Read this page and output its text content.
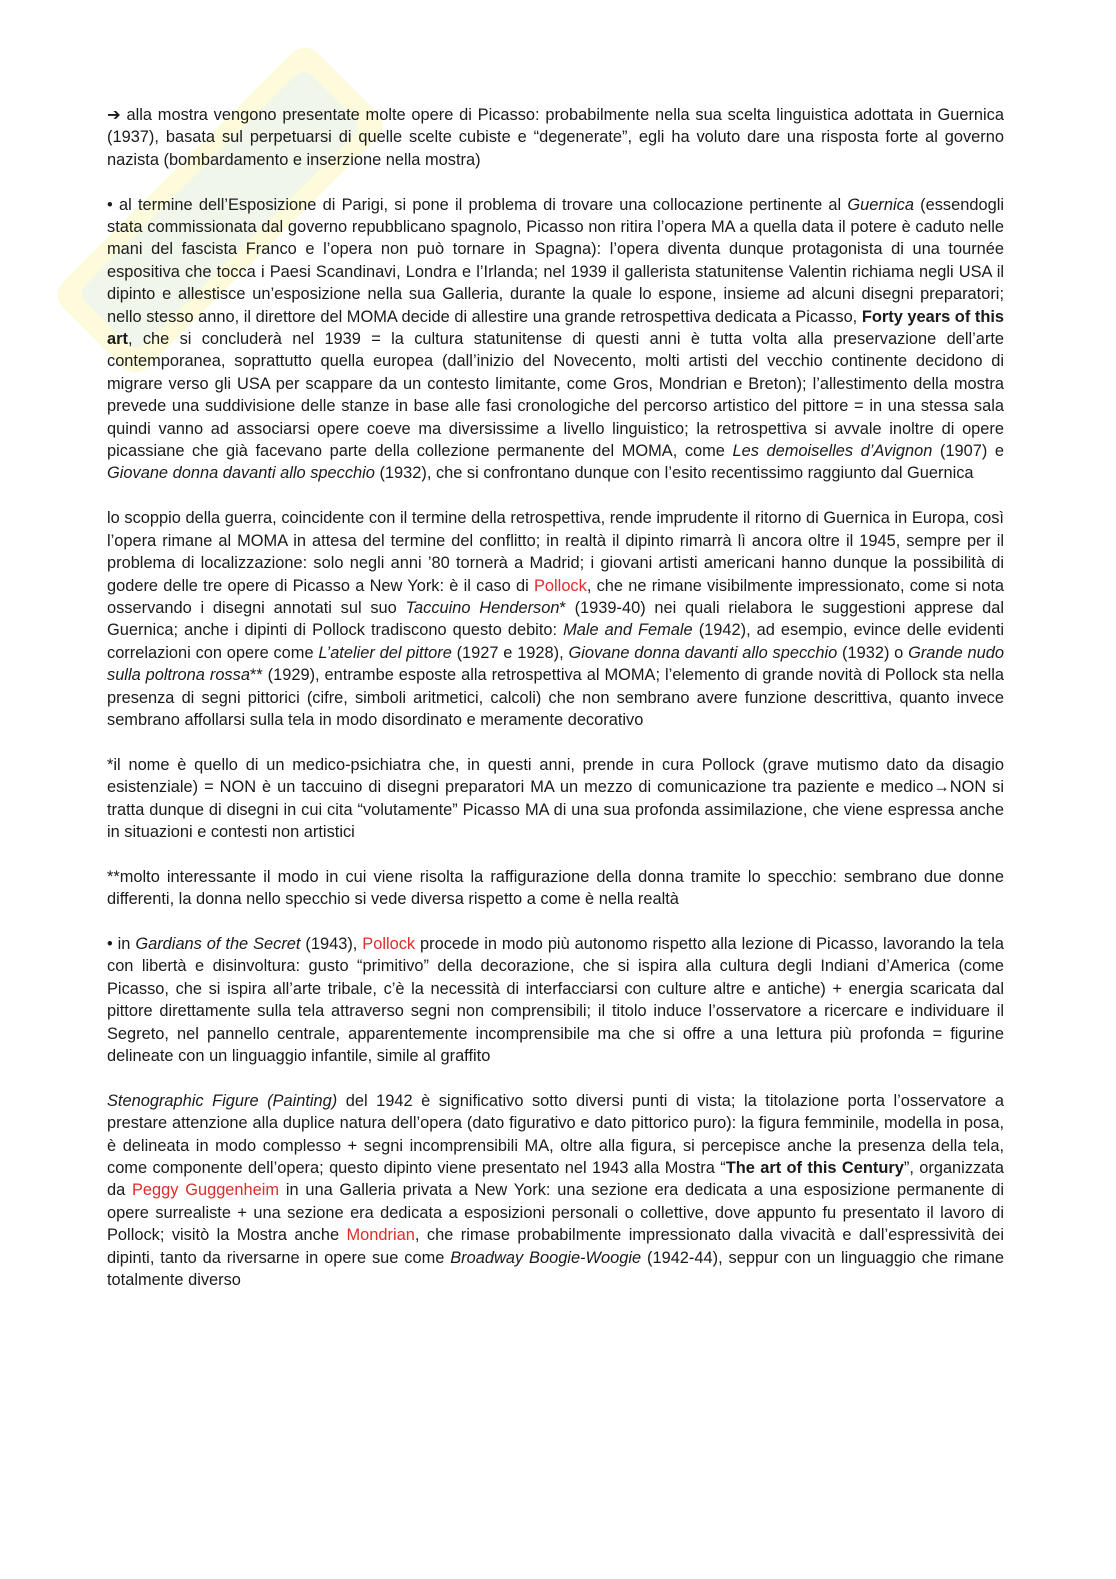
➔ alla mostra vengono presentate molte opere di Picasso: probabilmente nella sua scelta linguistica adottata in Guernica (1937), basata sul perpetuarsi di quelle scelte cubiste e “degenerate”, egli ha voluto dare una risposta forte al governo nazista (bombardamento e inserzione nella mostra)

• al termine dell’Esposizione di Parigi, si pone il problema di trovare una collocazione pertinente al Guernica (essendogli stata commissionata dal governo repubblicano spagnolo, Picasso non ritira l’opera MA a quella data il potere è caduto nelle mani del fascista Franco e l’opera non può tornare in Spagna): l’opera diventa dunque protagonista di una tournée espositiva che tocca i Paesi Scandinavi, Londra e l’Irlanda; nel 1939 il gallerista statunitense Valentin richiama negli USA il dipinto e allestisce un’esposizione nella sua Galleria, durante la quale lo espone, insieme ad alcuni disegni preparatori; nello stesso anno, il direttore del MOMA decide di allestire una grande retrospettiva dedicata a Picasso, Forty years of this art, che si concluderà nel 1939 = la cultura statunitense di questi anni è tutta volta alla preservazione dell’arte contemporanea, soprattutto quella europea (dall’inizio del Novecento, molti artisti del vecchio continente decidono di migrare verso gli USA per scappare da un contesto limitante, come Gros, Mondrian e Breton); l’allestimento della mostra prevede una suddivisione delle stanze in base alle fasi cronologiche del percorso artistico del pittore = in una stessa sala quindi vanno ad associarsi opere coeve ma diversissime a livello linguistico; la retrospettiva si avvale inoltre di opere picassiane che già facevano parte della collezione permanente del MOMA, come Les demoiselles d’Avignon (1907) e Giovane donna davanti allo specchio (1932), che si confrontano dunque con l’esito recentissimo raggiunto dal Guernica

lo scoppio della guerra, coincidente con il termine della retrospettiva, rende imprudente il ritorno di Guernica in Europa, così l’opera rimane al MOMA in attesa del termine del conflitto; in realtà il dipinto rimarrà lì ancora oltre il 1945, sempre per il problema di localizzazione: solo negli anni ’80 tornerà a Madrid; i giovani artisti americani hanno dunque la possibilità di godere delle tre opere di Picasso a New York: è il caso di Pollock, che ne rimane visibilmente impressionato, come si nota osservando i disegni annotati sul suo Taccuino Henderson* (1939-40) nei quali rielabora le suggestioni apprese dal Guernica; anche i dipinti di Pollock tradiscono questo debito: Male and Female (1942), ad esempio, evince delle evidenti correlazioni con opere come L’atelier del pittore (1927 e 1928), Giovane donna davanti allo specchio (1932) o Grande nudo sulla poltrona rossa** (1929), entrambe esposte alla retrospettiva al MOMA; l’elemento di grande novità di Pollock sta nella presenza di segni pittorici (cifre, simboli aritmetici, calcoli) che non sembrano avere funzione descrittiva, quanto invece sembrano affollarsi sulla tela in modo disordinato e meramente decorativo

*il nome è quello di un medico-psichiatra che, in questi anni, prende in cura Pollock (grave mutismo dato da disagio esistenziale) = NON è un taccuino di disegni preparatori MA un mezzo di comunicazione tra paziente e medico→NON si tratta dunque di disegni in cui cita “volutamente” Picasso MA di una sua profonda assimilazione, che viene espressa anche in situazioni e contesti non artistici

**molto interessante il modo in cui viene risolta la raffigurazione della donna tramite lo specchio: sembrano due donne differenti, la donna nello specchio si vede diversa rispetto a come è nella realtà

• in Gardians of the Secret (1943), Pollock procede in modo più autonomo rispetto alla lezione di Picasso, lavorando la tela con libertà e disinvoltura: gusto “primitivo” della decorazione, che si ispira alla cultura degli Indiani d’America (come Picasso, che si ispira all’arte tribale, c’è la necessità di interfacciarsi con culture altre e antiche) + energia scaricata dal pittore direttamente sulla tela attraverso segni non comprensibili; il titolo induce l’osservatore a ricercare e individuare il Segreto, nel pannello centrale, apparentemente incomprensibile ma che si offre a una lettura più profonda = figurine delineate con un linguaggio infantile, simile al graffito

Stenographic Figure (Painting) del 1942 è significativo sotto diversi punti di vista; la titolazione porta l’osservatore a prestare attenzione alla duplice natura dell’opera (dato figurativo e dato pittorico puro): la figura femminile, modella in posa, è delineata in modo complesso + segni incomprensibili MA, oltre alla figura, si percepisce anche la presenza della tela, come componente dell’opera; questo dipinto viene presentato nel 1943 alla Mostra “The art of this Century”, organizzata da Peggy Guggenheim in una Galleria privata a New York: una sezione era dedicata a una esposizione permanente di opere surrealiste + una sezione era dedicata a esposizioni personali o collettive, dove appunto fu presentato il lavoro di Pollock; visitò la Mostra anche Mondrian, che rimase probabilmente impressionato dalla vivacità e dall’espressività dei dipinti, tanto da riversarne in opere sue come Broadway Boogie-Woogie (1942-44), seppur con un linguaggio che rimane totalmente diverso
